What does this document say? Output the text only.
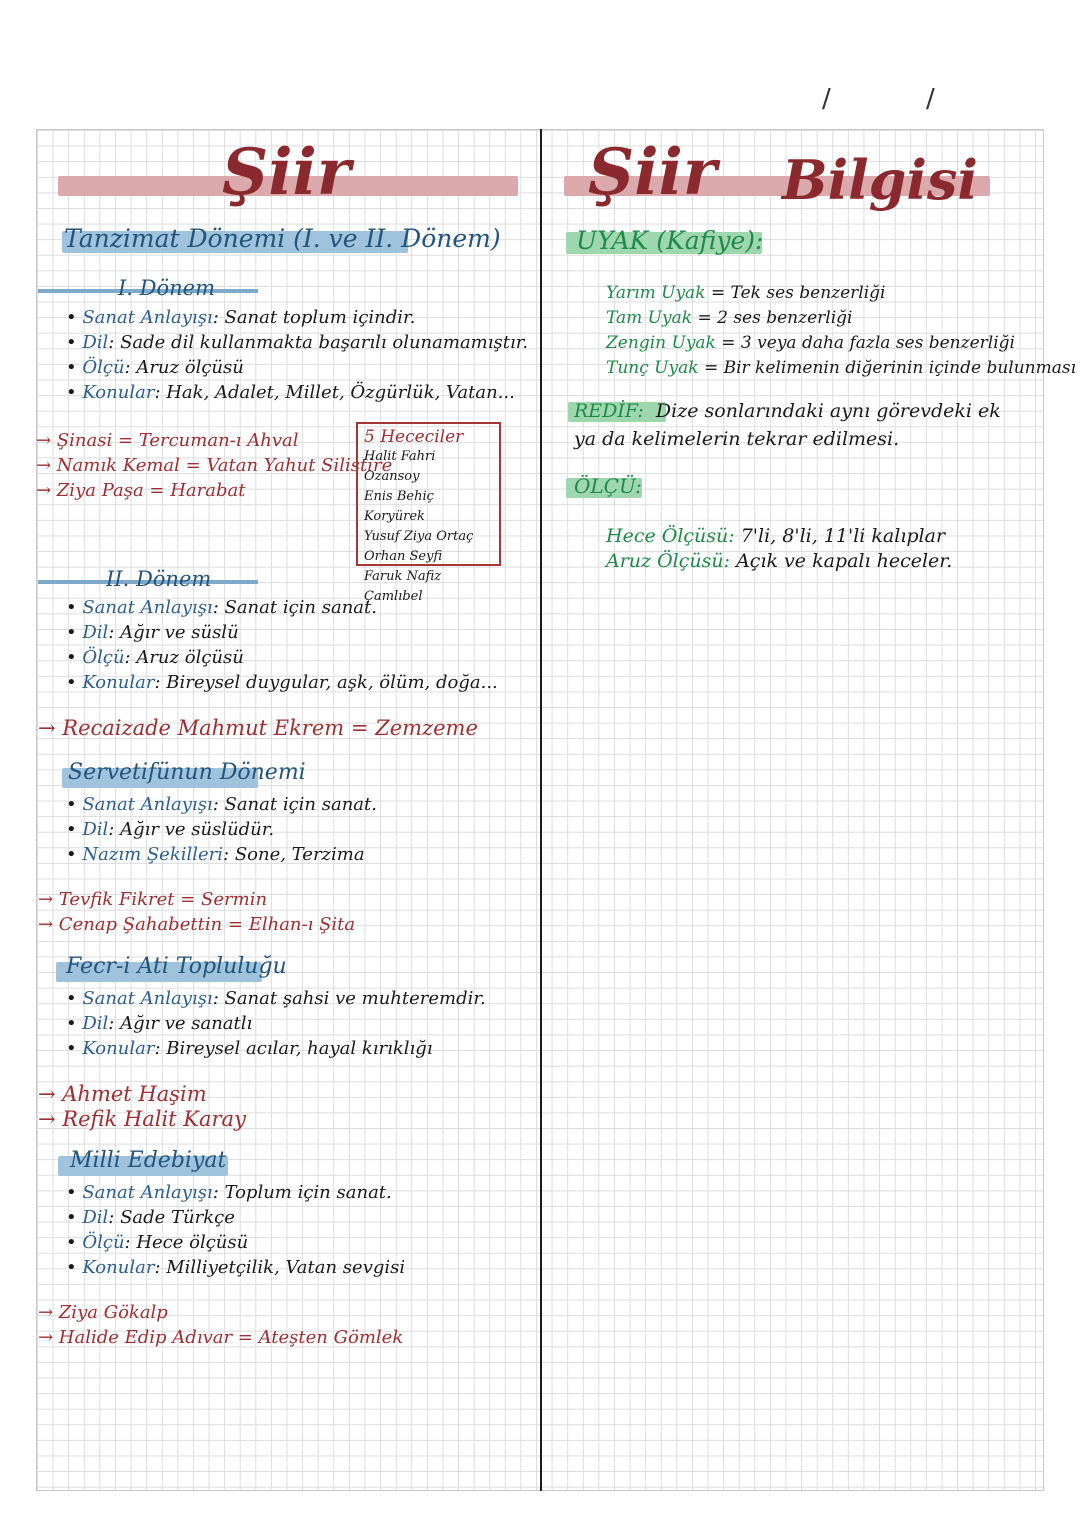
/	/
Şiir
Tanzimat Dönemi (I. ve II. Dönem)
I. Dönem
• Sanat Anlayışı: Sanat toplum içindir.
• Dil: Sade dil kullanmakta başarılı olunamamıştır.
• Ölçü: Aruz ölçüsü
• Konular: Hak, Adalet, Millet, Özgürlük, Vatan...
→ Şinasi = Tercuman-ı Ahval
→ Namık Kemal = Vatan Yahut Silistire
→ Ziya Paşa = Harabat
5 Hececiler
Halit Fahri Ozansoy
Enis Behiç Koryürek
Yusuf Ziya Ortaç
Orhan Seyfi
Faruk Nafiz Çamlıbel
II. Dönem
• Sanat Anlayışı: Sanat için sanat.
• Dil: Ağır ve süslü
• Ölçü: Aruz ölçüsü
• Konular: Bireysel duygular, aşk, ölüm, doğa...
→ Recaizade Mahmut Ekrem = Zemzeme
Servetifünun Dönemi
• Sanat Anlayışı: Sanat için sanat.
• Dil: Ağır ve süslüdür.
• Nazım Şekilleri: Sone, Terzima
→ Tevfik Fikret = Sermin
→ Cenap Şahabettin = Elhan-ı Şita
Fecr-i Ati Topluluğu
• Sanat Anlayışı: Sanat şahsi ve muhteremdir.
• Dil: Ağır ve sanatlı
• Konular: Bireysel acılar, hayal kırıklığı
→ Ahmet Haşim
→ Refik Halit Karay
Milli Edebiyat
• Sanat Anlayışı: Toplum için sanat.
• Dil: Sade Türkçe
• Ölçü: Hece ölçüsü
• Konular: Milliyetçilik, Vatan sevgisi
→ Ziya Gökalp
→ Halide Edip Adıvar = Ateşten Gömlek
Şiir Bilgisi
UYAK (Kafiye):
Yarım Uyak = Tek ses benzerliği
Tam Uyak = 2 ses benzerliği
Zengin Uyak = 3 veya daha fazla ses benzerliği
Tunç Uyak = Bir kelimenin diğerinin içinde bulunması
REDİF: Dize sonlarındaki aynı görevdeki ek
ya da kelimelerin tekrar edilmesi.
ÖLÇÜ:
Hece Ölçüsü: 7'li, 8'li, 11'li kalıplar
Aruz Ölçüsü: Açık ve kapalı heceler.
